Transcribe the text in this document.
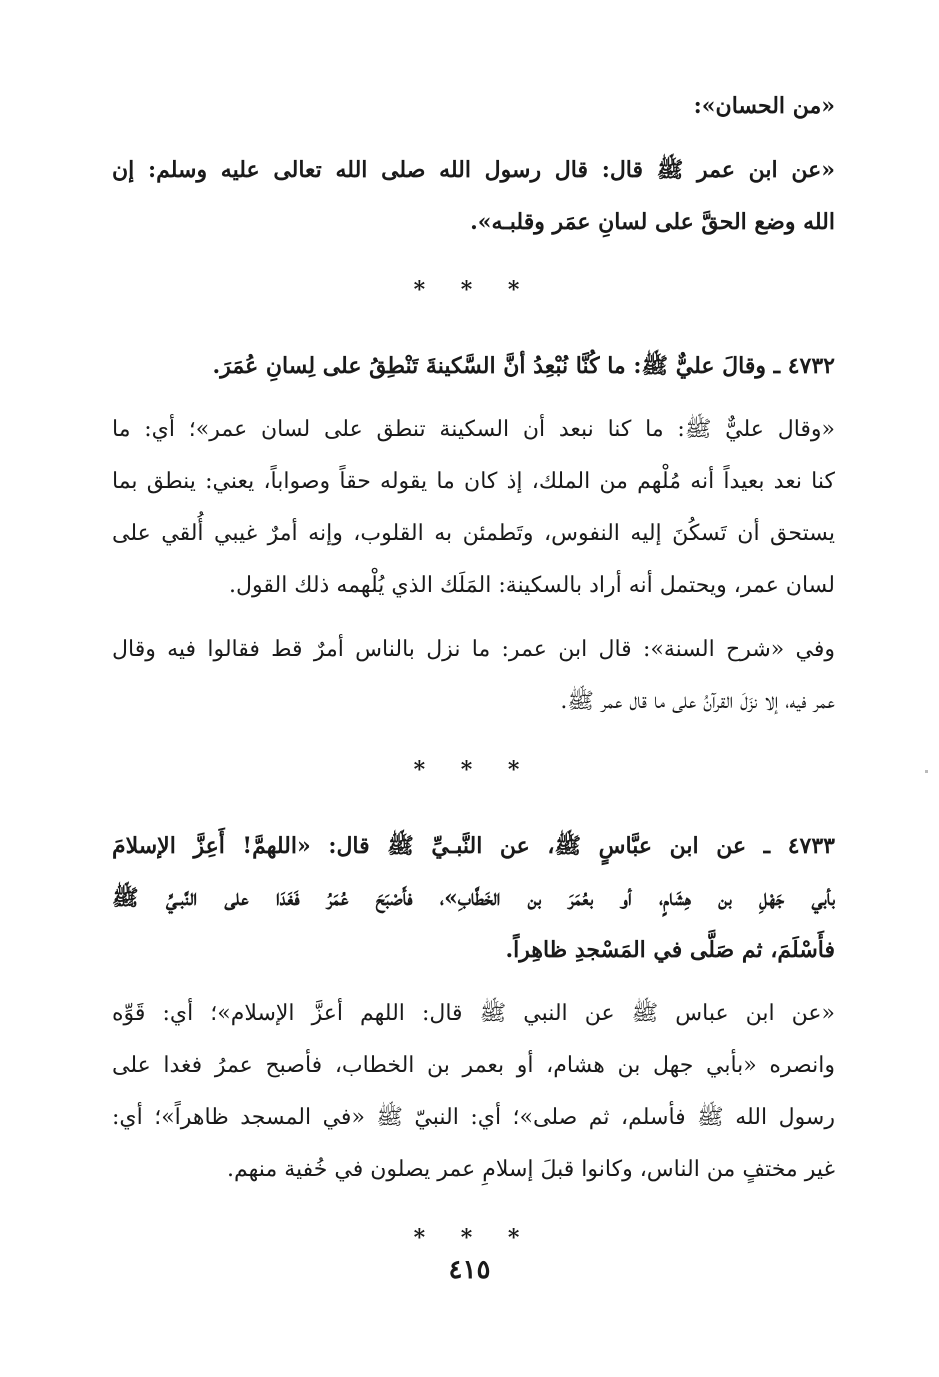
«من الحسان»:
«عن ابن عمر ﷺ قال: قال رسول الله صلى الله تعالى عليه وسلم: إن
الله وضع الحقَّ على لسانِ عمَر وقلبـه».
* * *
٤٧٣٢ ـ وقالَ عليٌّ ﷺ: ما كُنَّا نُبْعِدُ أنَّ السَّكينةَ تَنْطِقُ على لِسانِ عُمَرَ.
«وقال عليٌّ ﷺ: ما كنا نبعد أن السكينة تنطق على لسان عمر»؛ أي: ما
كنا نعد بعيداً أنه مُلْهم من الملك، إذ كان ما يقوله حقاً وصواباً، يعني: ينطق بما
يستحق أن تَسكُنَ إليه النفوس، وتَطمئن به القلوب، وإنه أمرٌ غيبي أُلقي على
لسان عمر، ويحتمل أنه أراد بالسكينة: المَلَك الذي يُلْهمه ذلك القول.
وفي «شرح السنة»: قال ابن عمر: ما نزل بالناس أمرٌ قط فقالوا فيه وقال
عمر فيه، إلا نزَلَ القرآنُ على ما قال عمر ﷺ.
* * *
٤٧٣٣ ـ عن ابن عبَّاسٍ ﷺ، عن النَّبـيِّ ﷺ قال: «اللهمَّ! أَعِزَّ الإسلامَ
بأبي جَهْلِ بن هِشَامٍ، أو بعُمَرَ بن الخَطَّابِ»، فأَصْبَحَ عُمَرُ فَغَدَا على النَّبـيِّ ﷺ
فأَسْلَمَ، ثم صَلَّى في المَسْجدِ ظاهِراً.
«عن ابن عباس ﷺ عن النبي ﷺ قال: اللهم أعزَّ الإسلام»؛ أي: قَوِّه
وانصره «بأبي جهل بن هشام، أو بعمر بن الخطاب، فأصبح عمرُ فغدا على
رسول الله ﷺ فأسلم، ثم صلى»؛ أي: النبيّ ﷺ «في المسجد ظاهراً»؛ أي:
غير مختفٍ من الناس، وكانوا قبلَ إسلامِ عمر يصلون في خُفية منهم.
* * *
٤١٥
